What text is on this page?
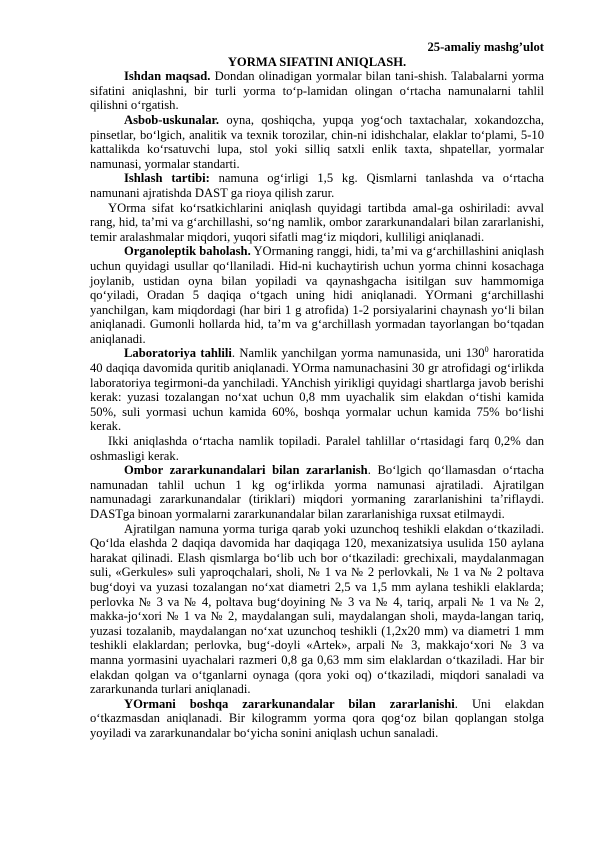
25-amaliy mashg’ulot

YORMA SIFATINI ANIQLASH.

Ishdan maqsad. Dondan olinadigan yormalar bilan tani-shish. Talabalarni yorma sifatini aniqlashni, bir turli yorma to‘p-lamidan olingan o‘rtacha namunalarni tahlil qilishni o‘rgatish.

Asbob-uskunalar. oyna, qoshiqcha, yupqa yog‘och taxtachalar, xokandozcha, pinsetlar, bo‘lgich, analitik va texnik torozilar, chin-ni idishchalar, elaklar to‘plami, 5-10 kattalikda ko‘rsatuvchi lupa, stol yoki silliq satxli enlik taxta, shpatellar, yormalar namunasi, yormalar standarti.

Ishlash tartibi: namuna og‘irligi 1,5 kg. Qismlarni tanlashda va o‘rtacha namunani ajratishda DAST ga rioya qilish zarur.

YOrma sifat ko‘rsatkichlarini aniqlash quyidagi tartibda amal-ga oshiriladi: avval rang, hid, ta’mi va g‘archillashi, so‘ng namlik, ombor zararkunandalari bilan zararlanishi, temir aralashmalar miqdori, yuqori sifatli mag‘iz miqdori, kulliligi aniqlanadi.

Organoleptik baholash. YOrmaning ranggi, hidi, ta’mi va g‘archillashini aniqlash uchun quyidagi usullar qo‘llaniladi. Hid-ni kuchaytirish uchun yorma chinni kosachaga joylanib, ustidan oyna bilan yopiladi va qaynashgacha isitilgan suv hammomiga qo‘yiladi, Oradan 5 daqiqa o‘tgach uning hidi aniqlanadi. YOrmani g‘archillashi yanchilgan, kam miqdordagi (har biri 1 g atrofida) 1-2 porsiyalarini chaynash yo‘li bilan aniqlanadi. Gumonli hollarda hid, ta’m va g‘archillash yormadan tayorlangan bo‘tqadan aniqlanadi.

Laboratoriya tahlili. Namlik yanchilgan yorma namunasida, uni $130^0$ haroratida 40 daqiqa davomida quritib aniqlanadi. YOrma namunachasini 30 gr atrofidagi og‘irlikda laboratoriya tegirmoni-da yanchiladi. YAnchish yirikligi quyidagi shartlarga javob berishi kerak: yuzasi tozalangan no‘xat uchun 0,8 mm uyachalik sim elakdan o‘tishi kamida 50%, suli yormasi uchun kamida 60%, boshqa yormalar uchun kamida 75% bo‘lishi kerak.

Ikki aniqlashda o‘rtacha namlik topiladi. Paralel tahlillar o‘rtasidagi farq 0,2% dan oshmasligi kerak.

Ombor zararkunandalari bilan zararlanish. Bo‘lgich qo‘llamasdan o‘rtacha namunadan tahlil uchun 1 kg og‘irlikda yorma namunasi ajratiladi. Ajratilgan namunadagi zararkunandalar (tiriklari) miqdori yormaning zararlanishini ta’riflaydi. DASTga binoan yormalarni zararkunandalar bilan zararlanishiga ruxsat etilmaydi.

Ajratilgan namuna yorma turiga qarab yoki uzunchoq teshikli elakdan o‘tkaziladi. Qo‘lda elashda 2 daqiqa davomida har daqiqaga 120, mexanizatsiya usulida 150 aylana harakat qilinadi. Elash qismlarga bo‘lib uch bor o‘tkaziladi: grechixali, maydalanmagan suli, «Gerkules» suli yaproqchalari, sholi, № 1 va № 2 perlovkali, № 1 va № 2 poltava bug‘doyi va yuzasi tozalangan no‘xat diametri 2,5 va 1,5 mm aylana teshikli elaklarda; perlovka № 3 va № 4, poltava bug‘doyining № 3 va № 4, tariq, arpali № 1 va № 2, makka-jo‘xori № 1 va № 2, maydalangan suli, maydalangan sholi, mayda-langan tariq, yuzasi tozalanib, maydalangan no‘xat uzunchoq teshikli (1,2x20 mm) va diametri 1 mm teshikli elaklardan; perlovka, bug‘-doyli «Artek», arpali № 3, makkajo‘xori № 3 va manna yormasini uyachalari razmeri 0,8 ga 0,63 mm sim elaklardan o‘tkaziladi. Har bir elakdan qolgan va o‘tganlarni oynaga (qora yoki oq) o‘tkaziladi, miqdori sanaladi va zararkunanda turlari aniqlanadi.

YOrmani boshqa zararkunandalar bilan zararlanishi. Uni elakdan o‘tkazmasdan aniqlanadi. Bir kilogramm yorma qora qog‘oz bilan qoplangan stolga yoyiladi va zararkunandalar bo‘yicha sonini aniqlash uchun sanaladi.
